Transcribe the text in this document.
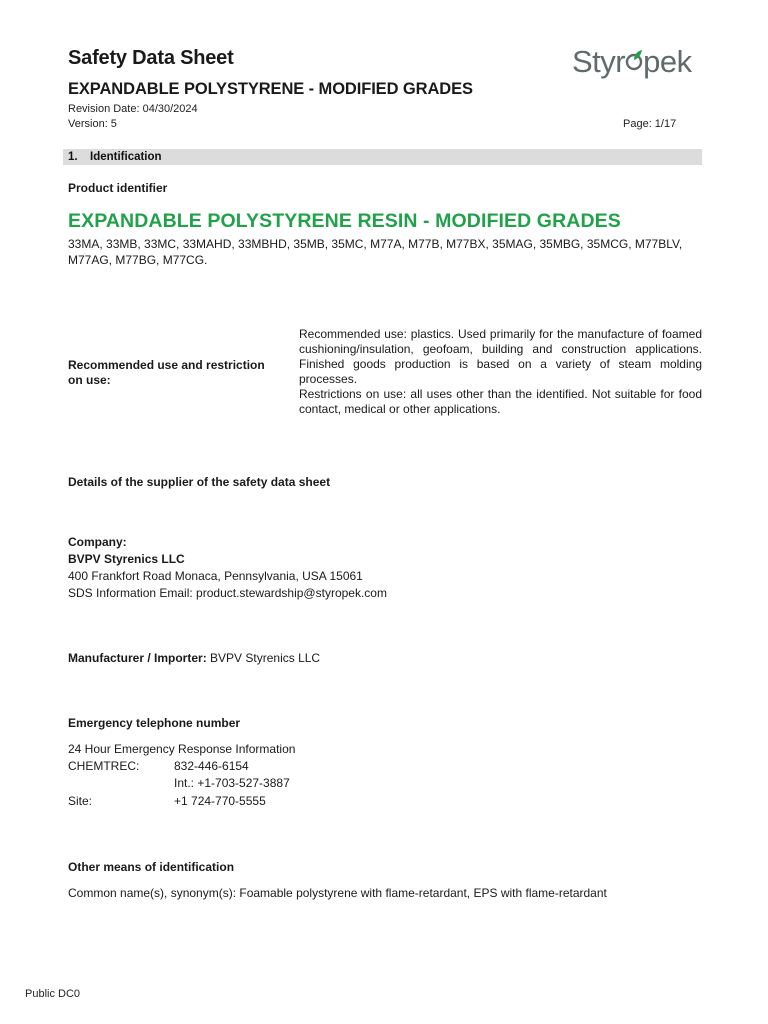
Safety Data Sheet
EXPANDABLE POLYSTYRENE - MODIFIED GRADES
Revision Date: 04/30/2024
Version: 5	Page: 1/17
Styr pek
1. Identification
Product identifier
EXPANDABLE POLYSTYRENE RESIN - MODIFIED GRADES
33MA, 33MB, 33MC, 33MAHD, 33MBHD, 35MB, 35MC, M77A, M77B, M77BX, 35MAG, 35MBG, 35MCG, M77BLV, M77AG, M77BG, M77CG.
Recommended use and restriction
on use:

Recommended use: plastics. Used primarily for the manufacture of foamed cushioning/insulation, geofoam, building and construction applications. Finished goods production is based on a variety of steam molding processes.

Restrictions on use: all uses other than the identified. Not suitable for food contact, medical or other applications.

Details of the supplier of the safety data sheet
Company:
BVPV Styrenics LLC
400 Frankfort Road Monaca, Pennsylvania, USA 15061
SDS Information Email: product.stewardship@styropek.com
Manufacturer / Importer: BVPV Styrenics LLC
Emergency telephone number
24 Hour Emergency Response Information
CHEMTREC:	832-446-6154
Int.: +1-703-527-3887
Site:	+1 724-770-5555
Other means of identification
Common name(s), synonym(s): Foamable polystyrene with flame-retardant, EPS with flame-retardant
Public DC0
